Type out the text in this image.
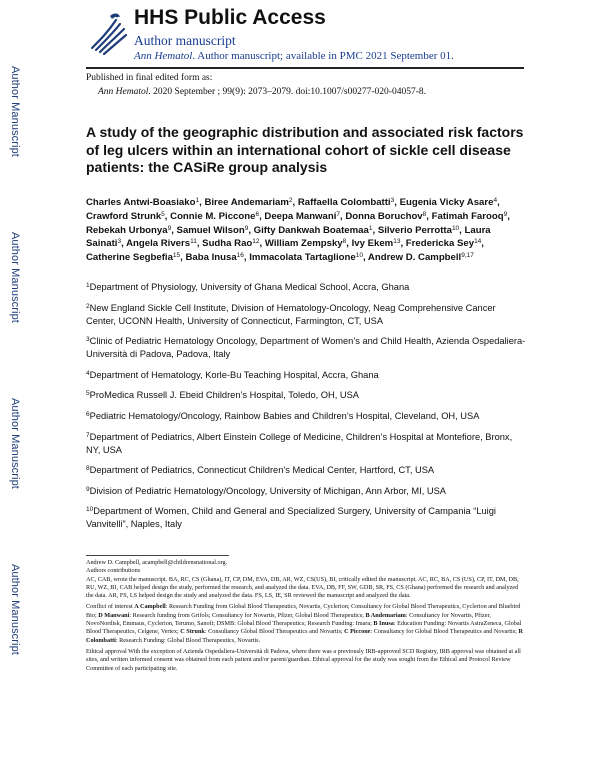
Author Manuscript
Author Manuscript
Author Manuscript
Author Manuscript
HHS Public Access
Author manuscript
Ann Hematol. Author manuscript; available in PMC 2021 September 01.
Published in final edited form as:
Ann Hematol. 2020 September ; 99(9): 2073–2079. doi:10.1007/s00277-020-04057-8.
A study of the geographic distribution and associated risk factors of leg ulcers within an international cohort of sickle cell disease patients: the CASiRe group analysis
Charles Antwi-Boasiako$^1$, Biree Andemariam$^2$, Raffaella Colombatti$^3$, Eugenia Vicky Asare$^4$, Crawford Strunk$^5$, Connie M. Piccone$^6$, Deepa Manwani$^7$, Donna Boruchov$^8$, Fatimah Farooq$^9$, Rebekah Urbonya$^9$, Samuel Wilson$^9$, Gifty Dankwah Boatemaa$^1$, Silverio Perrotta$^{10}$, Laura Sainati$^3$, Angela Rivers$^{11}$, Sudha Rao$^{12}$, William Zempsky$^8$, Ivy Ekem$^{13}$, Fredericka Sey$^{14}$, Catherine Segbefia$^{15}$, Baba Inusa$^{16}$, Immacolata Tartaglione$^{10}$, Andrew D. Campbell$^{9,17}$
$^1$Department of Physiology, University of Ghana Medical School, Accra, Ghana
$^2$New England Sickle Cell Institute, Division of Hematology-Oncology, Neag Comprehensive Cancer Center, UCONN Health, University of Connecticut, Farmington, CT, USA
$^3$Clinic of Pediatric Hematology Oncology, Department of Women’s and Child Health, Azienda Ospedaliera-Università di Padova, Padova, Italy
$^4$Department of Hematology, Korle-Bu Teaching Hospital, Accra, Ghana
$^5$ProMedica Russell J. Ebeid Children’s Hospital, Toledo, OH, USA
$^6$Pediatric Hematology/Oncology, Rainbow Babies and Children’s Hospital, Cleveland, OH, USA
$^7$Department of Pediatrics, Albert Einstein College of Medicine, Children’s Hospital at Montefiore, Bronx, NY, USA
$^8$Department of Pediatrics, Connecticut Children’s Medical Center, Hartford, CT, USA
$^9$Division of Pediatric Hematology/Oncology, University of Michigan, Ann Arbor, MI, USA
$^{10}$Department of Women, Child and General and Specialized Surgery, University of Campania “Luigi Vanvitelli”, Naples, Italy

Andrew D. Campbell, acampbell@childrensnational.org.

Authors contributions

AC, CAB, wrote the manuscript. BA, RC, CS (Ghana), IT, CP, DM, EVA, DB, AR, WZ, CS(US), BI, critically edited the manuscript. AC, RC, BA, CS (US), CP, IT, DM, DB, RU, WZ, BI, CAB helped design the study, performed the research, and analyzed the data. EVA, DB, FF, SW, GDB, SR, FS, CS (Ghana) performed the research and analyzed the data. AR, FS, LS helped design the study and analyzed the data. FS, LS, IE, SR reviewed the manuscript and analyzed the data.

Conflict of interest A Campbell: Research Funding from Global Blood Therapeutics, Novartis, Cyclerion; Consultancy for Global Blood Therapeutics, Cyclerion and Bluebird Bio; D Manwani: Research funding from Grifols; Consultancy for Novartis, Pfizer, Global Blood Therapeutics; B Andemariam: Consultancy for Novartis, Pfizer, NovoNordisk, Emmaus, Cyclerion, Terumo, Sanofi; DSMB: Global Blood Therapeutics; Research Funding: Imara; B Inusa: Education Funding: Novartis AstraZeneca, Global Blood Therapeutics, Celgene, Vertex; C Strunk: Consultancy Global Blood Therapeutics and Novartis; C Piccone: Consultancy for Global Blood Therapeutics and Novartis; R Colombatti: Research Funding: Global Blood Therapeutics, Novartis.

Ethical approval With the exception of Azienda Ospedaliera-Università di Padova, where there was a previously IRB-approved SCD Registry, IRB approval was obtained at all sites, and written informed consent was obtained from each patient and/or parent/guardian. Ethical approval for the study was sought from the Ethical and Protocol Review Committee of each participating site.
